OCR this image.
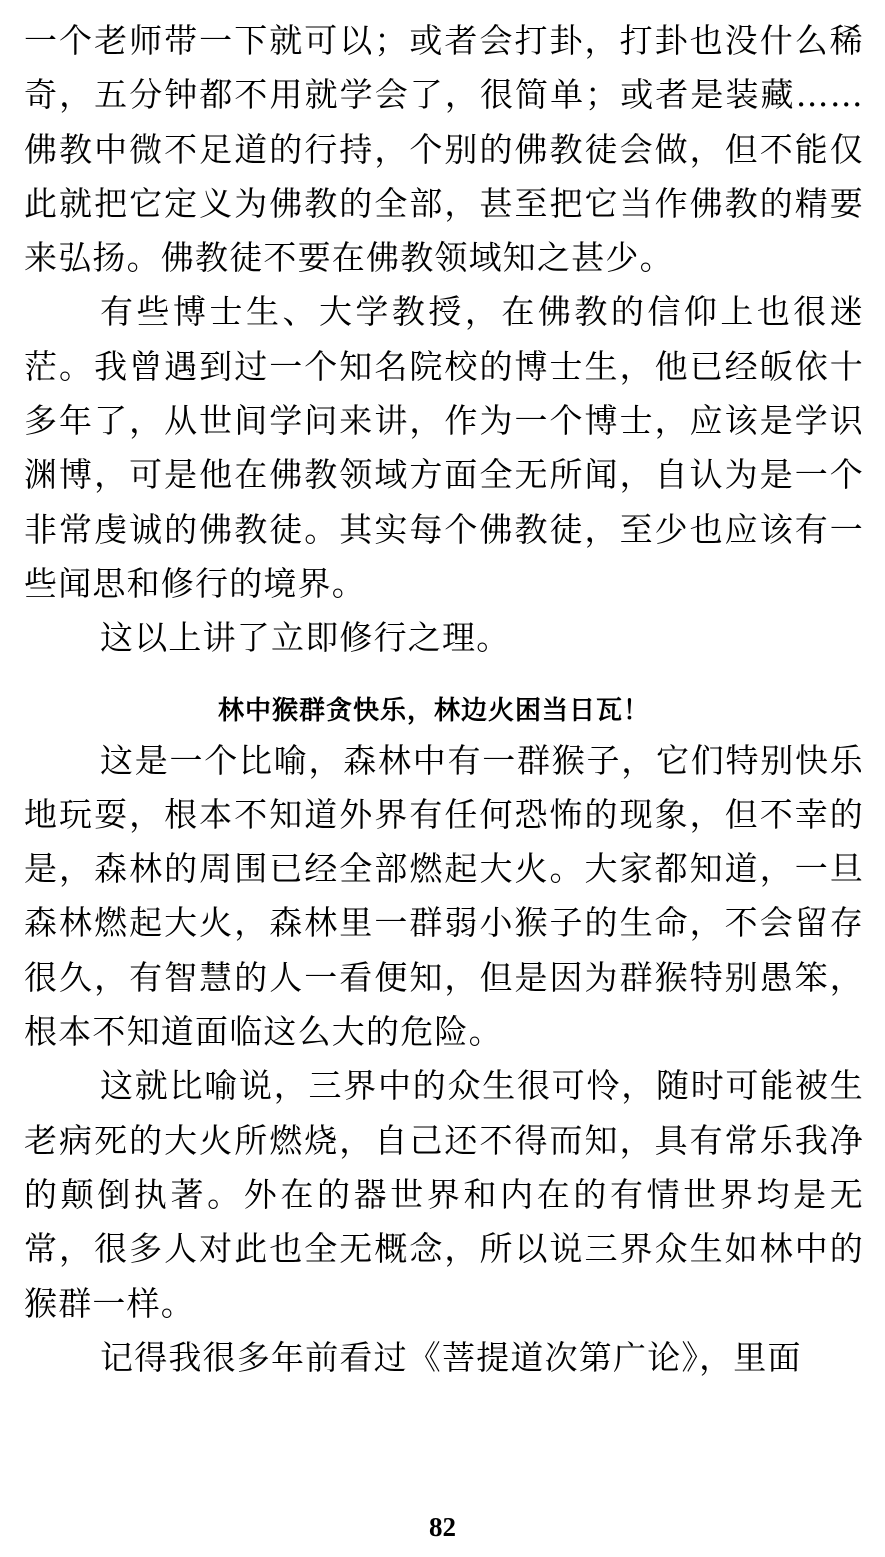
一个老师带一下就可以；或者会打卦，打卦也没什么稀奇，五分钟都不用就学会了，很简单；或者是装藏……佛教中微不足道的行持，个别的佛教徒会做，但不能仅此就把它定义为佛教的全部，甚至把它当作佛教的精要来弘扬。佛教徒不要在佛教领域知之甚少。

有些博士生、大学教授，在佛教的信仰上也很迷茫。我曾遇到过一个知名院校的博士生，他已经皈依十多年了，从世间学问来讲，作为一个博士，应该是学识渊博，可是他在佛教领域方面全无所闻，自认为是一个非常虔诚的佛教徒。其实每个佛教徒，至少也应该有一些闻思和修行的境界。

这以上讲了立即修行之理。

林中猴群贪快乐，林边火困当日瓦！

这是一个比喻，森林中有一群猴子，它们特别快乐地玩耍，根本不知道外界有任何恐怖的现象，但不幸的是，森林的周围已经全部燃起大火。大家都知道，一旦森林燃起大火，森林里一群弱小猴子的生命，不会留存很久，有智慧的人一看便知，但是因为群猴特别愚笨，根本不知道面临这么大的危险。

这就比喻说，三界中的众生很可怜，随时可能被生老病死的大火所燃烧，自己还不得而知，具有常乐我净的颠倒执著。外在的器世界和内在的有情世界均是无常，很多人对此也全无概念，所以说三界众生如林中的猴群一样。

记得我很多年前看过《菩提道次第广论》，里面

82
